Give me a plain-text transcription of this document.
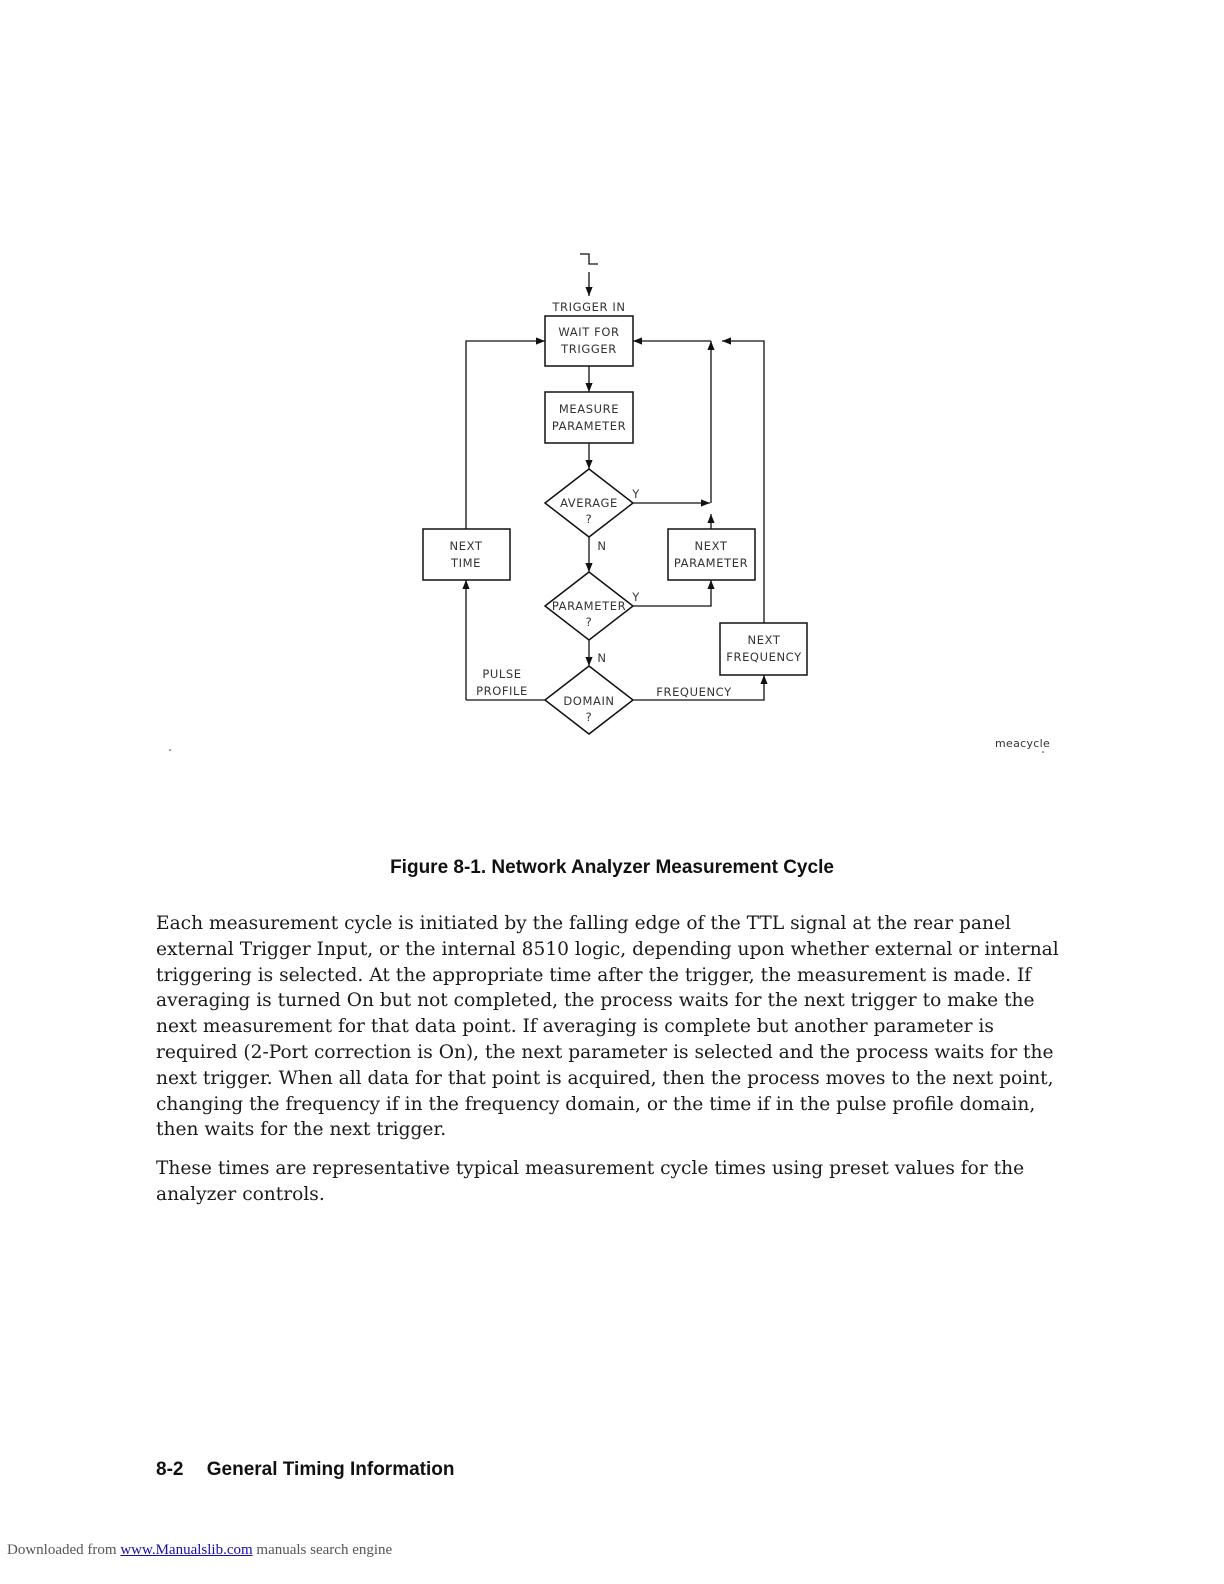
TRIGGER IN
WAIT FOR
TRIGGER
MEASURE
PARAMETER
AVERAGE
?
Y
N
PARAMETER
?
Y
N
DOMAIN
?
NEXT
PARAMETER
NEXT
TIME
PULSE
PROFILE
NEXT
FREQUENCY
FREQUENCY
meacycle
Figure 8-1. Network Analyzer Measurement Cycle

Each measurement cycle is initiated by the falling edge of the TTL signal at the rear panel external Trigger Input, or the internal 8510 logic, depending upon whether external or internal triggering is selected. At the appropriate time after the trigger, the measurement is made. If averaging is turned On but not completed, the process waits for the next trigger to make the next measurement for that data point. If averaging is complete but another parameter is required (2-Port correction is On), the next parameter is selected and the process waits for the next trigger. When all data for that point is acquired, then the process moves to the next point, changing the frequency if in the frequency domain, or the time if in the pulse profile domain, then waits for the next trigger.

These times are representative typical measurement cycle times using preset values for the analyzer controls.

8-2 General Timing Information
Downloaded from www.Manualslib.com manuals search engine
